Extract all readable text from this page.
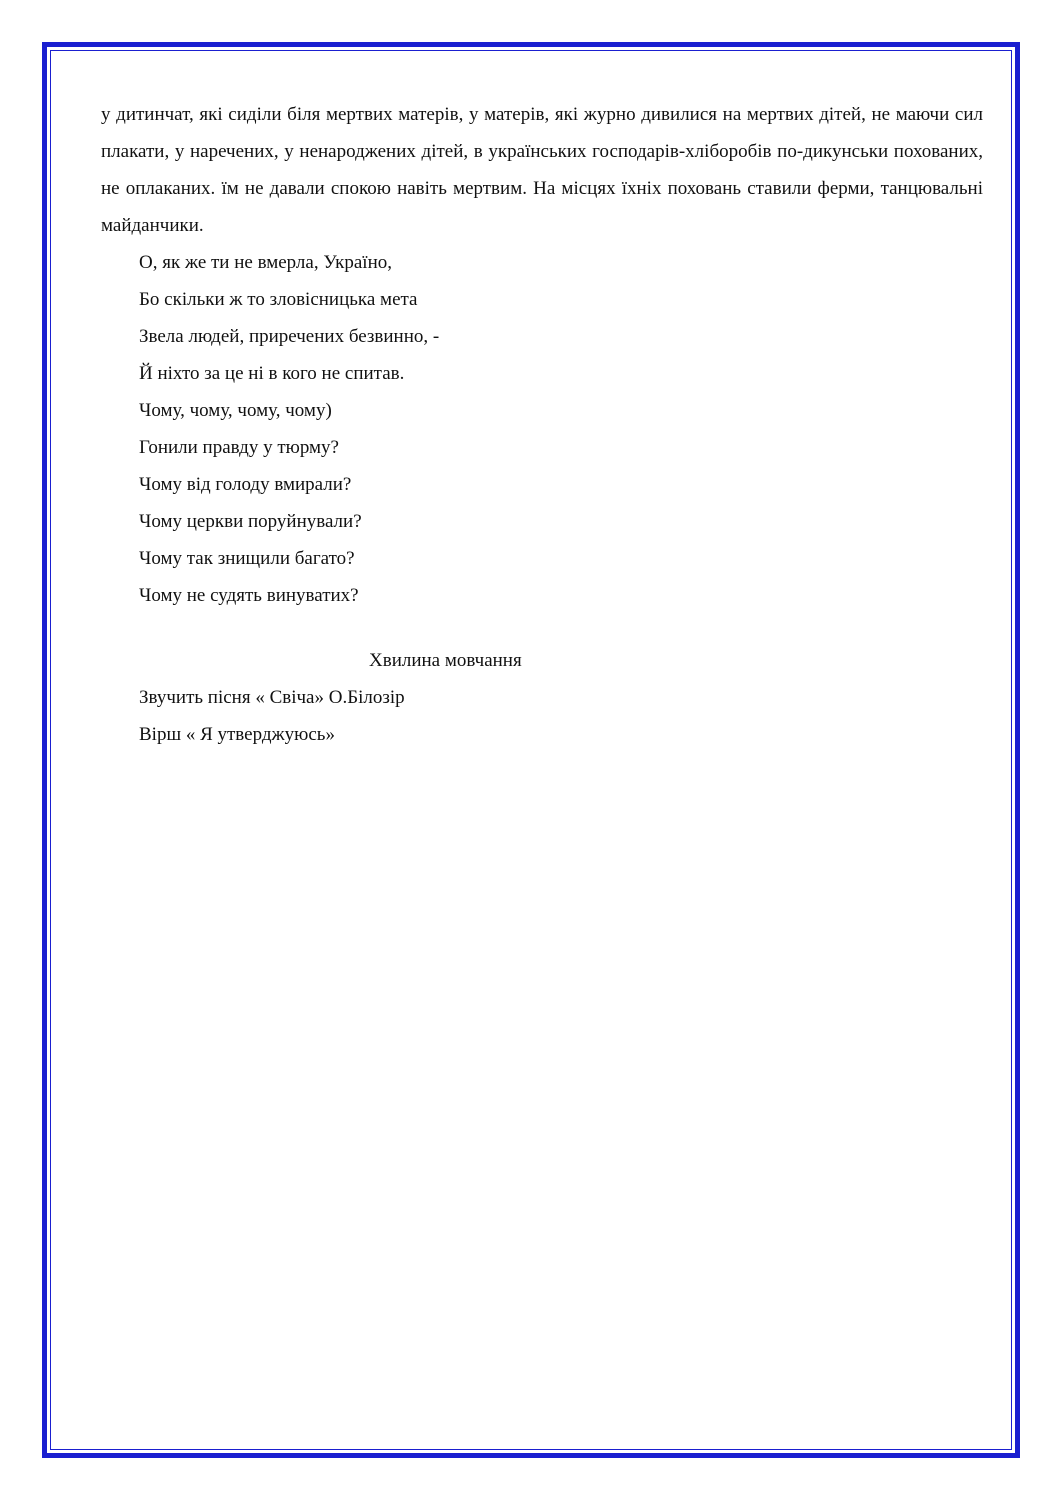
у дитинчат, які сиділи біля мертвих матерів, у матерів, які журно дивилися на мертвих дітей, не маючи сил плакати, у наречених, у ненароджених дітей, в українських господарів-хліборобів по-дикунськи похованих, не оплаканих. їм не давали спокою навіть мертвим. На місцях їхніх поховань ставили ферми, танцювальні майданчики.

О, як же ти не вмерла, Україно,

Бо скільки ж то зловісницька мета

Звела людей, приречених безвинно, -

Й ніхто за це ні в кого не спитав.

Чому, чому, чому, чому)

Гонили правду у тюрму?

Чому від голоду вмирали?

Чому церкви поруйнували?

Чому так знищили багато?

Чому не судять винуватих?

Хвилина мовчання

Звучить пісня « Свіча» О.Білозір

Вірш « Я утверджуюсь»
